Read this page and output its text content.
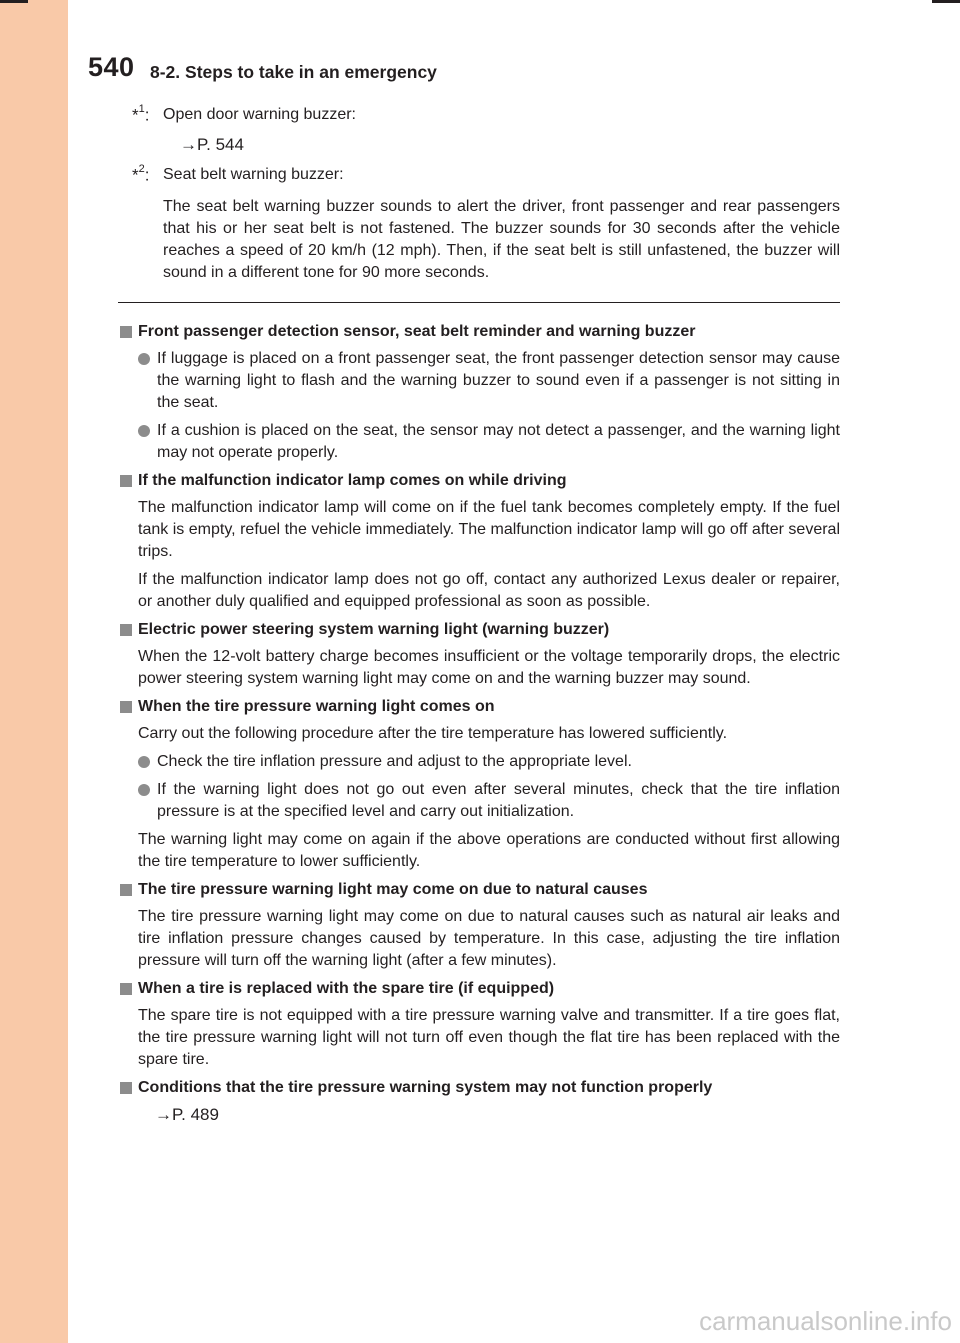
540 8-2. Steps to take in an emergency

*$^1$: Open door warning buzzer:

→P. 544

*$^2$: Seat belt warning buzzer:

The seat belt warning buzzer sounds to alert the driver, front passenger and rear passengers that his or her seat belt is not fastened. The buzzer sounds for 30 seconds after the vehicle reaches a speed of 20 km/h (12 mph). Then, if the seat belt is still unfastened, the buzzer will sound in a different tone for 90 more seconds.

Front passenger detection sensor, seat belt reminder and warning buzzer

If luggage is placed on a front passenger seat, the front passenger detection sensor may cause the warning light to flash and the warning buzzer to sound even if a passenger is not sitting in the seat.

If a cushion is placed on the seat, the sensor may not detect a passenger, and the warning light may not operate properly.

If the malfunction indicator lamp comes on while driving

The malfunction indicator lamp will come on if the fuel tank becomes completely empty. If the fuel tank is empty, refuel the vehicle immediately. The malfunction indicator lamp will go off after several trips.

If the malfunction indicator lamp does not go off, contact any authorized Lexus dealer or repairer, or another duly qualified and equipped professional as soon as possible.

Electric power steering system warning light (warning buzzer)

When the 12-volt battery charge becomes insufficient or the voltage temporarily drops, the electric power steering system warning light may come on and the warning buzzer may sound.

When the tire pressure warning light comes on

Carry out the following procedure after the tire temperature has lowered sufficiently.

Check the tire inflation pressure and adjust to the appropriate level.

If the warning light does not go out even after several minutes, check that the tire inflation pressure is at the specified level and carry out initialization.

The warning light may come on again if the above operations are conducted without first allowing the tire temperature to lower sufficiently.

The tire pressure warning light may come on due to natural causes

The tire pressure warning light may come on due to natural causes such as natural air leaks and tire inflation pressure changes caused by temperature. In this case, adjusting the tire inflation pressure will turn off the warning light (after a few minutes).

When a tire is replaced with the spare tire (if equipped)

The spare tire is not equipped with a tire pressure warning valve and transmitter. If a tire goes flat, the tire pressure warning light will not turn off even though the flat tire has been replaced with the spare tire.

Conditions that the tire pressure warning system may not function properly

→P. 489

carmanualsonline.info
